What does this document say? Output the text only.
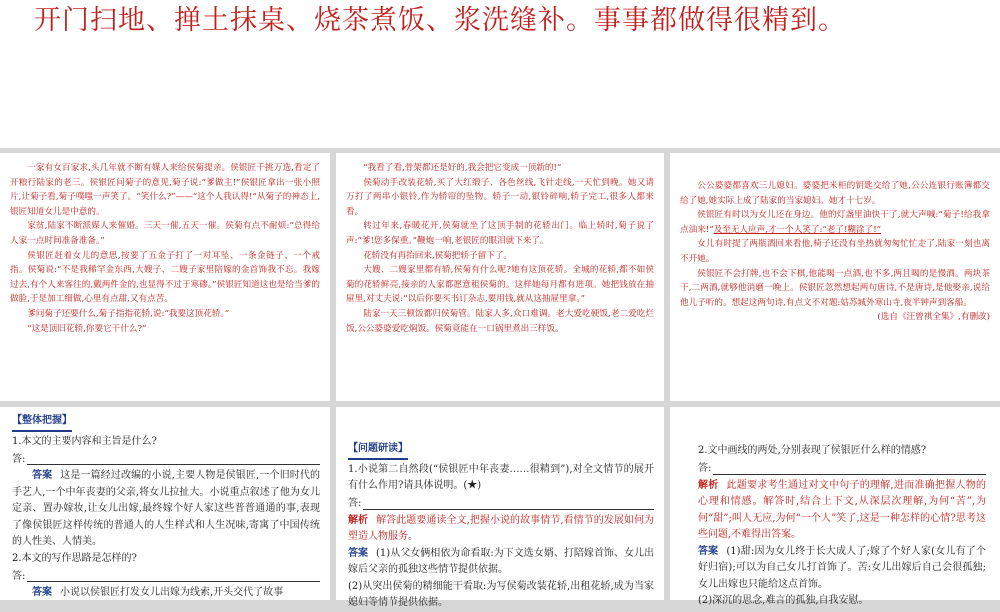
开门扫地、掸土抹桌、烧茶煮饭、浆洗缝补。事事都做得很精到。

一家有女百家求,头几年就不断有媒人来给侯菊提亲。侯银匠千挑万选,看定了开粮行陆家的老三。侯银匠问菊子的意见,菊子说:“爹做主!”侯银匠拿出一张小照片,让菊子看,菊子噗嗤一声笑了。“笑什么?”——“这个人我认得!”从菊子的神态上,银匠知道女儿是中意的。

家贫,陆家不断派媒人来催婚。三天一催,五天一催。侯菊有点不耐烦:“总得给人家一点时间准备准备。”

侯银匠赶着女儿的意思,按要了五金子打了一对耳坠、一条金链子、一个戒指。侯菊说:“不是我稀罕金东西,大嫂子、二嫂子家里陪嫁的金首饰我不忘。我嫁过去,有个人来客往的,戴两件金的,也显得不过于寒碜。”侯银匠知道这也是给当爹的做脸,于是加工细做,心里有点甜,又有点苦。

爹问菊子还要什么,菊子指指花轿,说:“我要这顶花轿。”

“这是顶旧花轿,你要它干什么?”

“我看了看,骨架都还是好的,我会把它变成一顶新的!”

侯菊动手改装花轿,买了大红缎子、各色丝线,飞针走线,一天忙到晚。她又请万打了两串小银铃,作为轿帘的坠物。轿子一动,银铃碎响,轿子完工,很多人都来看。

转过年来,春暖花开,侯菊就坐了这顶手制的花轿出门。临上轿时,菊子说了声:“爹!您多保重。”鞭炮一响,老银匠的眼泪就下来了。

花轿没有再抬回来,侯菊把轿子留下了。

大嫂、二嫂家里都有轿,侯菊有什么呢?她有这顶花轿。全城的花轿,都不如侯菊的花轿鲜亮,接亲的人家都愿意租侯菊的。这样她每月都有进项。她把钱放在抽屉里,对丈夫说:“以后你要买书订杂志,要用钱,就从这抽屉里拿。”

陆家一天三顿饭都归侯菊管。陆家人多,众口难调。老大爱吃硬饭,老二爱吃烂饭,公公婆婆爱吃焖饭。侯菊竟能在一口锅里煮出三样饭。

公公婆婆都喜欢三儿媳妇。婆婆把米柜的钥匙交给了她,公公连银行账簿都交给了她,她实际上成了陆家的当家媳妇。她才十七岁。

侯银匠有时以为女儿还在身边。他的灯盏里油快干了,就大声喊:“菊子!给我拿点油来!”及至无人应声,才一个人笑了:“老了!糊涂了!”

女儿有时提了两瓶酒回来看他,椅子还没有坐热就匆匆忙忙走了,陆家一刻也离不开她。

侯银匠不会打牌,也不会下棋,他能喝一点酒,也不多,两且喝的是慢酒。两块茶干,二两酒,就够他消磨一晚上。侯银匠忽然想起两句唐诗,不是唐诗,是他娶亲,说给他儿子听的。想起这两句诗,有点文不对题:姑苏城外寒山寺,夜半钟声到客船。

(选自《汪曾祺全集》,有删改)

【整体把握】

1.本文的主要内容和主旨是什么?

答:

答案 这是一篇经过改编的小说,主要人物是侯银匠,一个旧时代的手艺人,一个中年丧妻的父亲,将女儿拉扯大。小说重点叙述了他为女儿定亲、置办嫁妆,让女儿出嫁,最终嫁个好人家这些普普通通的事,表现了像侯银匠这样传统的普通人的人生样式和人生况味,寄寓了中国传统的人性美、人情美。

2.本文的写作思路是怎样的?

答:

答案 小说以侯银匠打发女儿出嫁为线索,开头交代了故事

【问题研读】

1.小说第二自然段(“侯银匠中年丧妻……很精到”),对全文情节的展开有什么作用?请具体说明。(★)

答:

解析 解答此题要通读全文,把握小说的故事情节,看情节的发展如何为塑造人物服务。

答案 (1)从父女俩相依为命看取:为下文选女婿、打陪嫁首饰、女儿出嫁后父亲的孤独这些情节提供依据。

(2)从突出侯菊的精细能干看取:为写侯菊改装花轿,出租花轿,成为当家媳妇等情节提供依据。

2.文中画线的两处,分别表现了侯银匠什么样的情感?

答:

解析 此题要求考生通过对文中句子的理解,进而准确把握人物的心理和情感。解答时,结合上下文,从深层次理解,为何“苦”,为何“甜”;叫人无应,为何“一个人”笑了,这是一种怎样的心情?思考这些问题,不难得出答案。

答案 (1)甜:因为女儿终于长大成人了;嫁了个好人家(女儿有了个好归宿);可以为自己女儿打首饰了。苦:女儿出嫁后自己会很孤独;女儿出嫁也只能给这点首饰。

(2)深沉的思念,难言的孤独,自我安慰。
